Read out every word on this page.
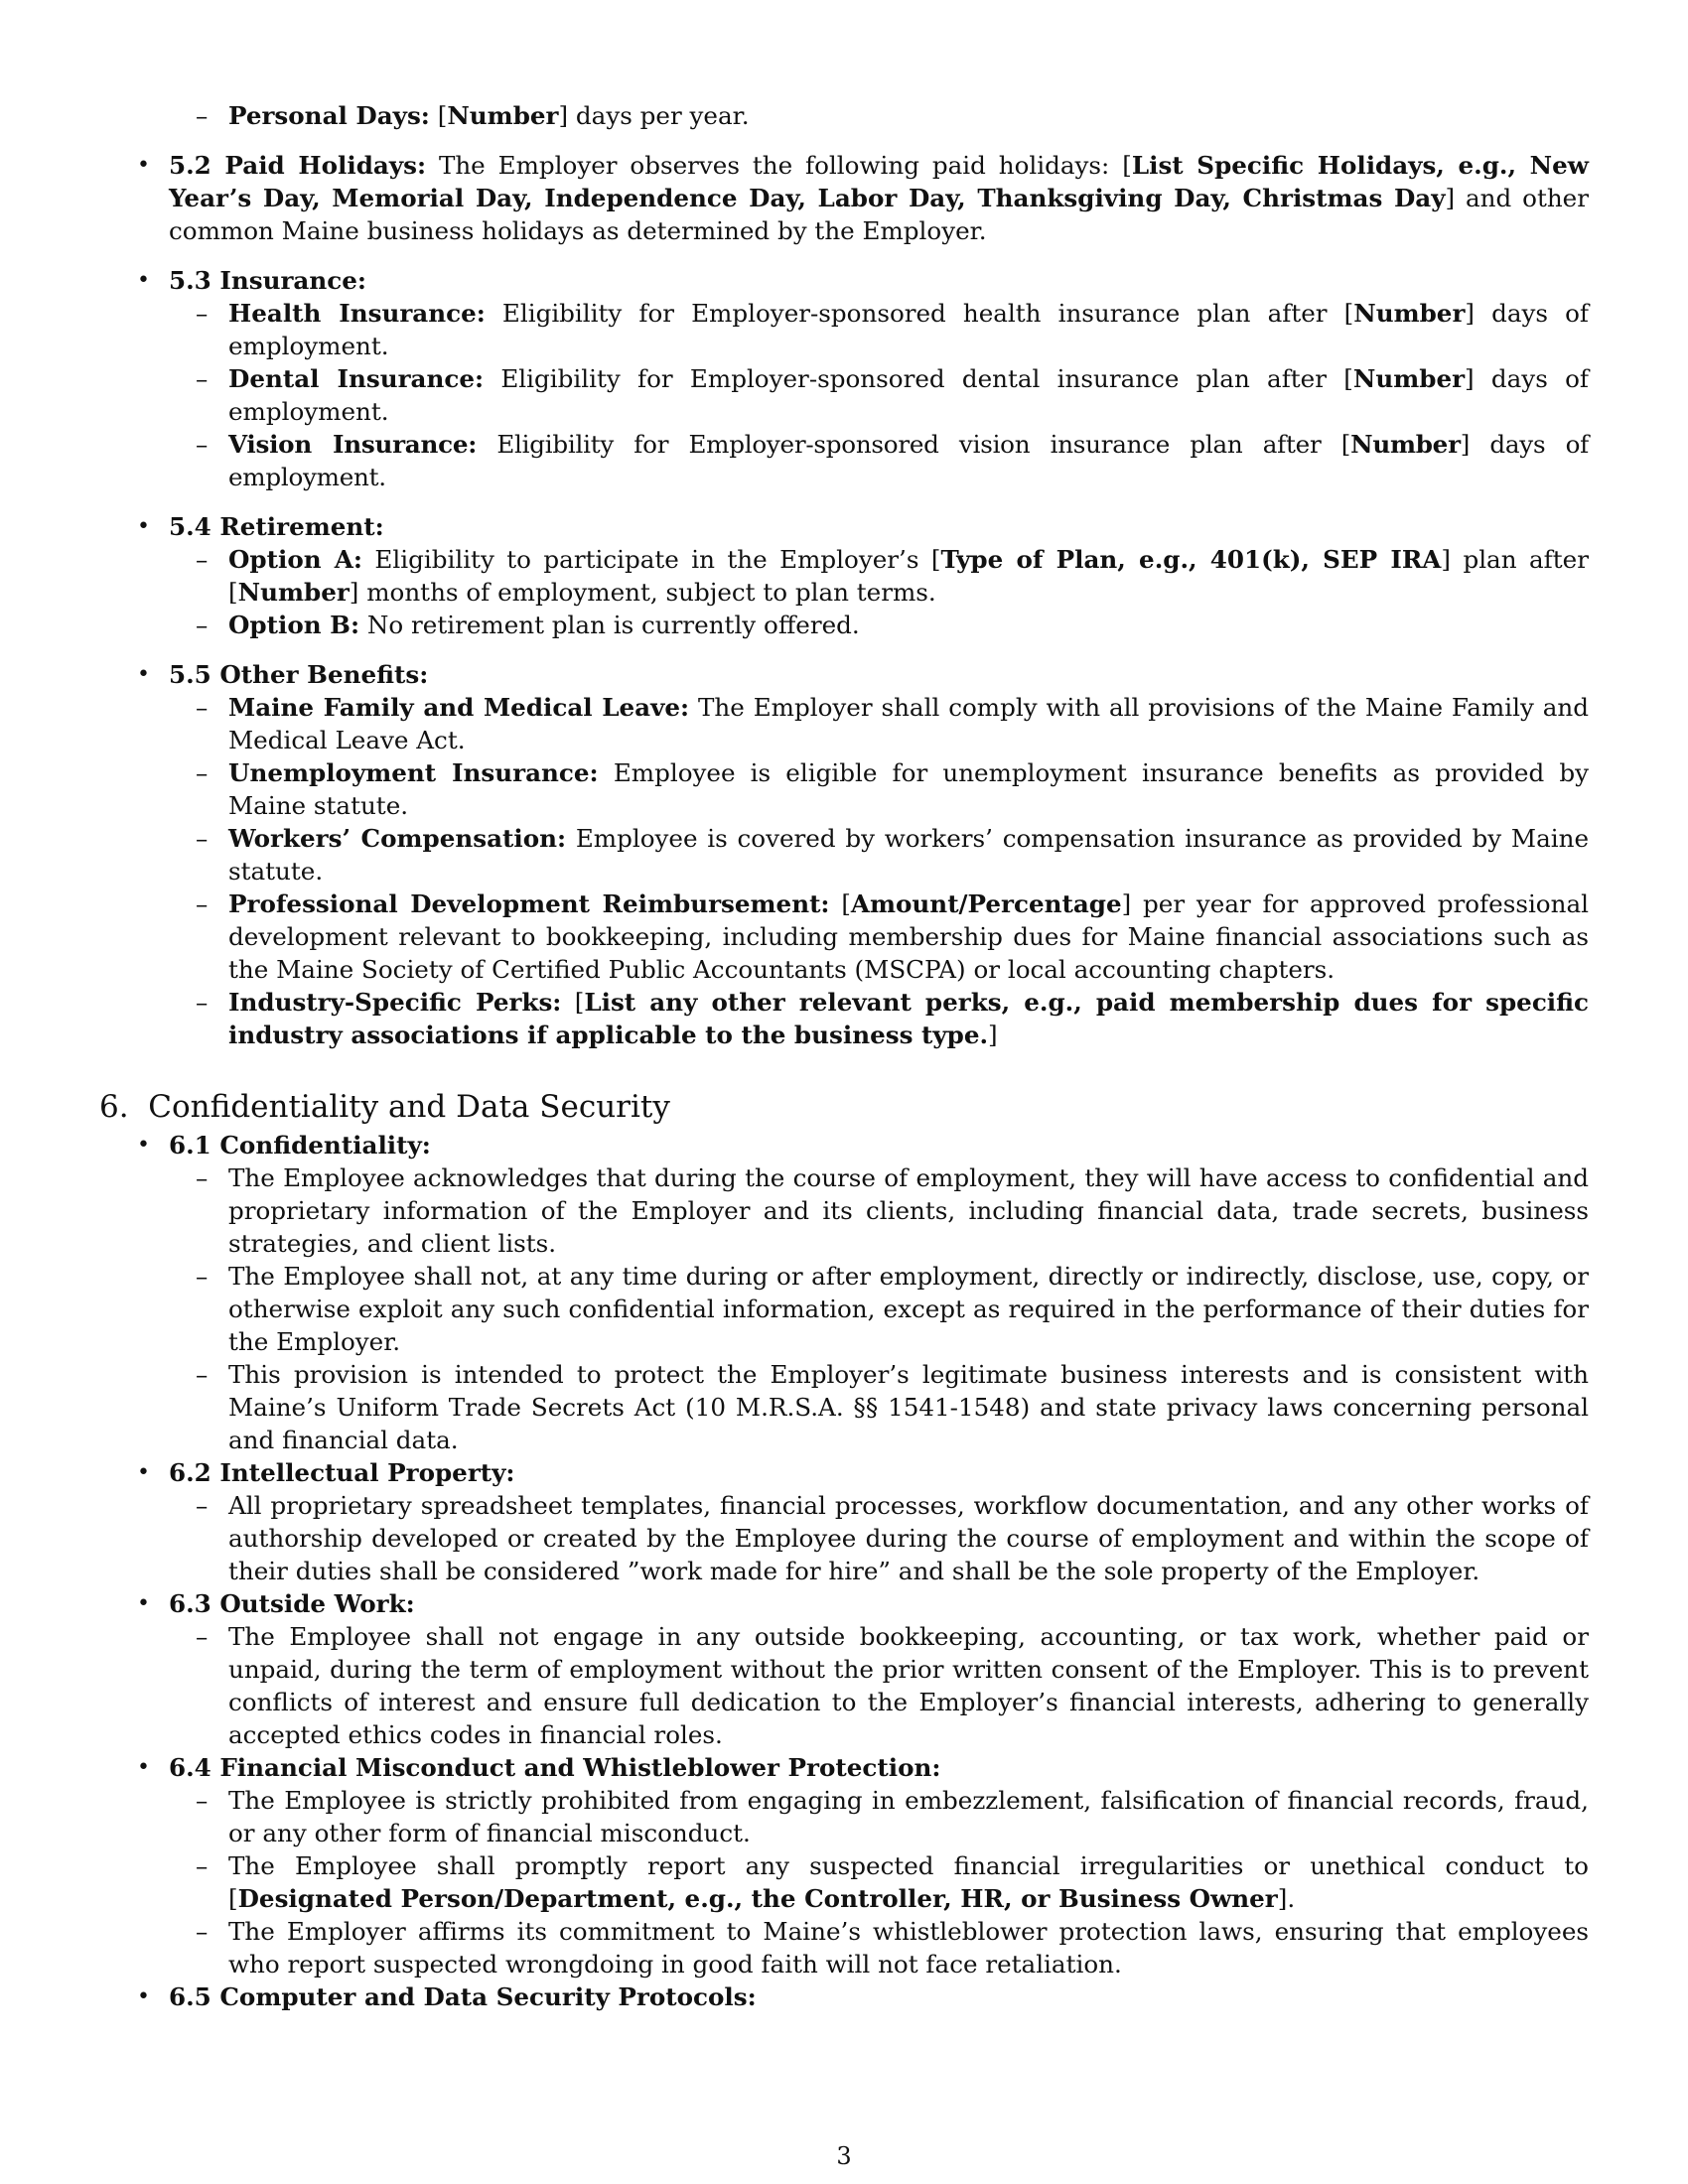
– Personal Days: [Number] days per year.
• 5.2 Paid Holidays: The Employer observes the following paid holidays: [List Specific Holidays, e.g., New Year’s Day, Memorial Day, Independence Day, Labor Day, Thanksgiving Day, Christmas Day] and other common Maine business holidays as determined by the Employer.
• 5.3 Insurance:
– Health Insurance: Eligibility for Employer-sponsored health insurance plan after [Number] days of employment.
– Dental Insurance: Eligibility for Employer-sponsored dental insurance plan after [Number] days of employment.
– Vision Insurance: Eligibility for Employer-sponsored vision insurance plan after [Number] days of employment.
• 5.4 Retirement:
– Option A: Eligibility to participate in the Employer’s [Type of Plan, e.g., 401(k), SEP IRA] plan after [Number] months of employment, subject to plan terms.
– Option B: No retirement plan is currently offered.
• 5.5 Other Benefits:
– Maine Family and Medical Leave: The Employer shall comply with all provisions of the Maine Family and Medical Leave Act.
– Unemployment Insurance: Employee is eligible for unemployment insurance benefits as provided by Maine statute.
– Workers’ Compensation: Employee is covered by workers’ compensation insurance as provided by Maine statute.
– Professional Development Reimbursement: [Amount/Percentage] per year for approved professional development relevant to bookkeeping, including membership dues for Maine financial associations such as the Maine Society of Certified Public Accountants (MSCPA) or local accounting chapters.
– Industry-Specific Perks: [List any other relevant perks, e.g., paid membership dues for specific industry associations if applicable to the business type.]
6. Confidentiality and Data Security
• 6.1 Confidentiality:
– The Employee acknowledges that during the course of employment, they will have access to confidential and proprietary information of the Employer and its clients, including financial data, trade secrets, business strategies, and client lists.
– The Employee shall not, at any time during or after employment, directly or indirectly, disclose, use, copy, or otherwise exploit any such confidential information, except as required in the performance of their duties for the Employer.
– This provision is intended to protect the Employer’s legitimate business interests and is consistent with Maine’s Uniform Trade Secrets Act (10 M.R.S.A. §§ 1541-1548) and state privacy laws concerning personal and financial data.
• 6.2 Intellectual Property:
– All proprietary spreadsheet templates, financial processes, workflow documentation, and any other works of authorship developed or created by the Employee during the course of employment and within the scope of their duties shall be considered ”work made for hire” and shall be the sole property of the Employer.
• 6.3 Outside Work:
– The Employee shall not engage in any outside bookkeeping, accounting, or tax work, whether paid or unpaid, during the term of employment without the prior written consent of the Employer. This is to prevent conflicts of interest and ensure full dedication to the Employer’s financial interests, adhering to generally accepted ethics codes in financial roles.
• 6.4 Financial Misconduct and Whistleblower Protection:
– The Employee is strictly prohibited from engaging in embezzlement, falsification of financial records, fraud, or any other form of financial misconduct.
– The Employee shall promptly report any suspected financial irregularities or unethical conduct to [Designated Person/Department, e.g., the Controller, HR, or Business Owner].
– The Employer affirms its commitment to Maine’s whistleblower protection laws, ensuring that employees who report suspected wrongdoing in good faith will not face retaliation.
• 6.5 Computer and Data Security Protocols:
3
